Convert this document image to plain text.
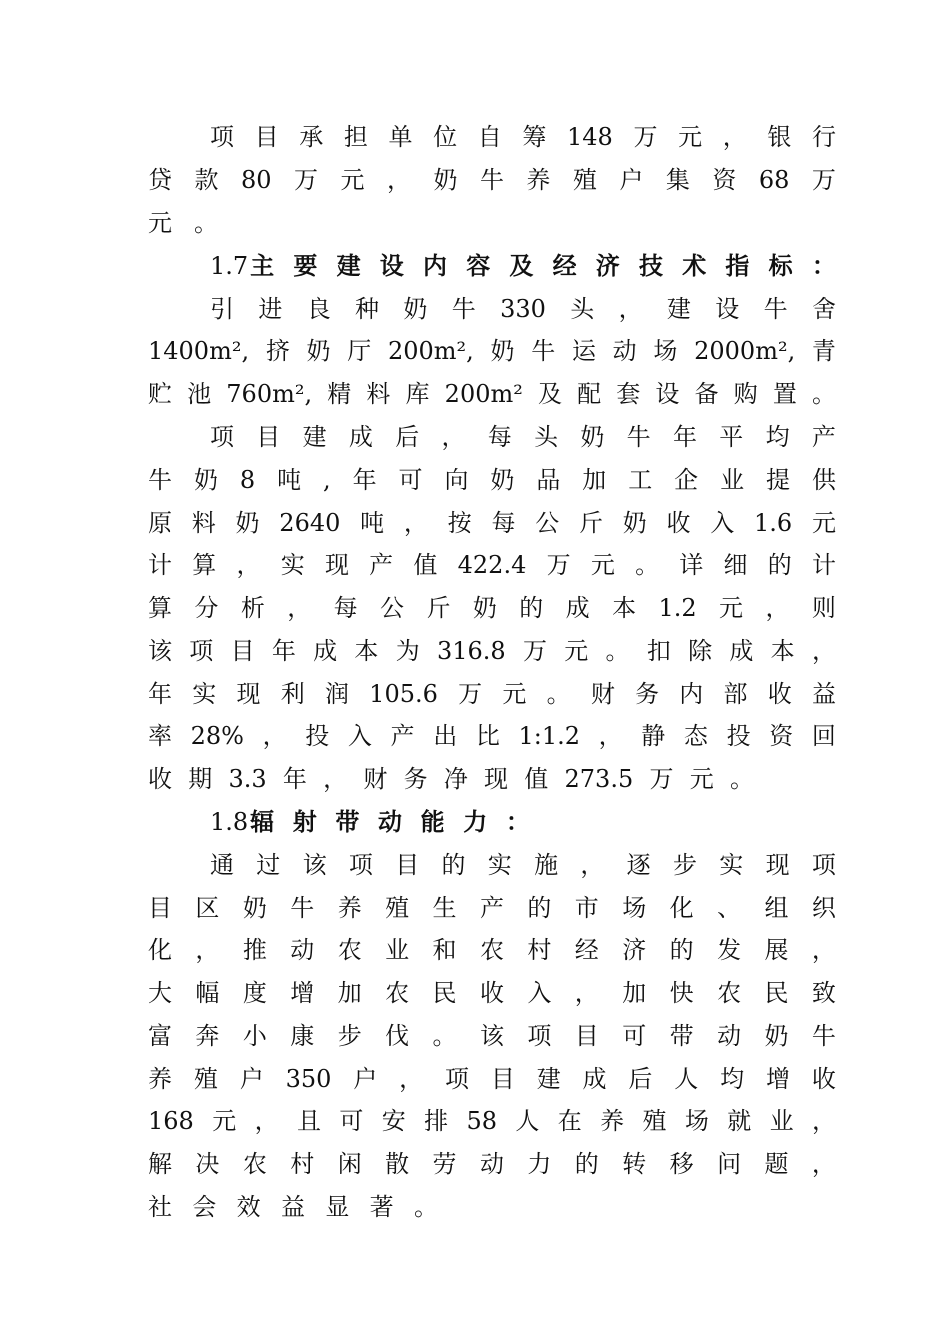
项 目 承 担 单 位 自 筹 148 万 元 ， 银 行
贷 款 80 万 元 ， 奶 牛 养 殖 户 集 资 68 万
元 。
1.7 主 要 建 设 内 容 及 经 济 技 术 指 标 ：
引 进 良 种 奶 牛 330 头 ， 建 设 牛 舍
1400m², 挤 奶 厅 200m², 奶 牛 运 动 场 2000m², 青
贮 池 760m², 精 料 库 200m² 及 配 套 设 备 购 置 。
项 目 建 成 后 ， 每 头 奶 牛 年 平 均 产
牛 奶 8 吨 , 年 可 向 奶 品 加 工 企 业 提 供
原 料 奶 2640 吨 ， 按 每 公 斤 奶 收 入 1.6 元
计 算 ， 实 现 产 值 422.4 万 元 。 详 细 的 计
算 分 析 ， 每 公 斤 奶 的 成 本 1.2 元 ， 则
该 项 目 年 成 本 为 316.8 万 元 。 扣 除 成 本 ，
年 实 现 利 润 105.6 万 元 。 财 务 内 部 收 益
率 28% ， 投 入 产 出 比 1:1.2 ， 静 态 投 资 回
收 期 3.3 年 ， 财 务 净 现 值 273.5 万 元 。
1.8 辐 射 带 动 能 力 ：
通 过 该 项 目 的 实 施 ， 逐 步 实 现 项
目 区 奶 牛 养 殖 生 产 的 市 场 化 、 组 织
化 ， 推 动 农 业 和 农 村 经 济 的 发 展 ，
大 幅 度 增 加 农 民 收 入 ， 加 快 农 民 致
富 奔 小 康 步 伐 。 该 项 目 可 带 动 奶 牛
养 殖 户 350 户 ， 项 目 建 成 后 人 均 增 收
168 元 ， 且 可 安 排 58 人 在 养 殖 场 就 业 ，
解 决 农 村 闲 散 劳 动 力 的 转 移 问 题 ，
社 会 效 益 显 著 。
